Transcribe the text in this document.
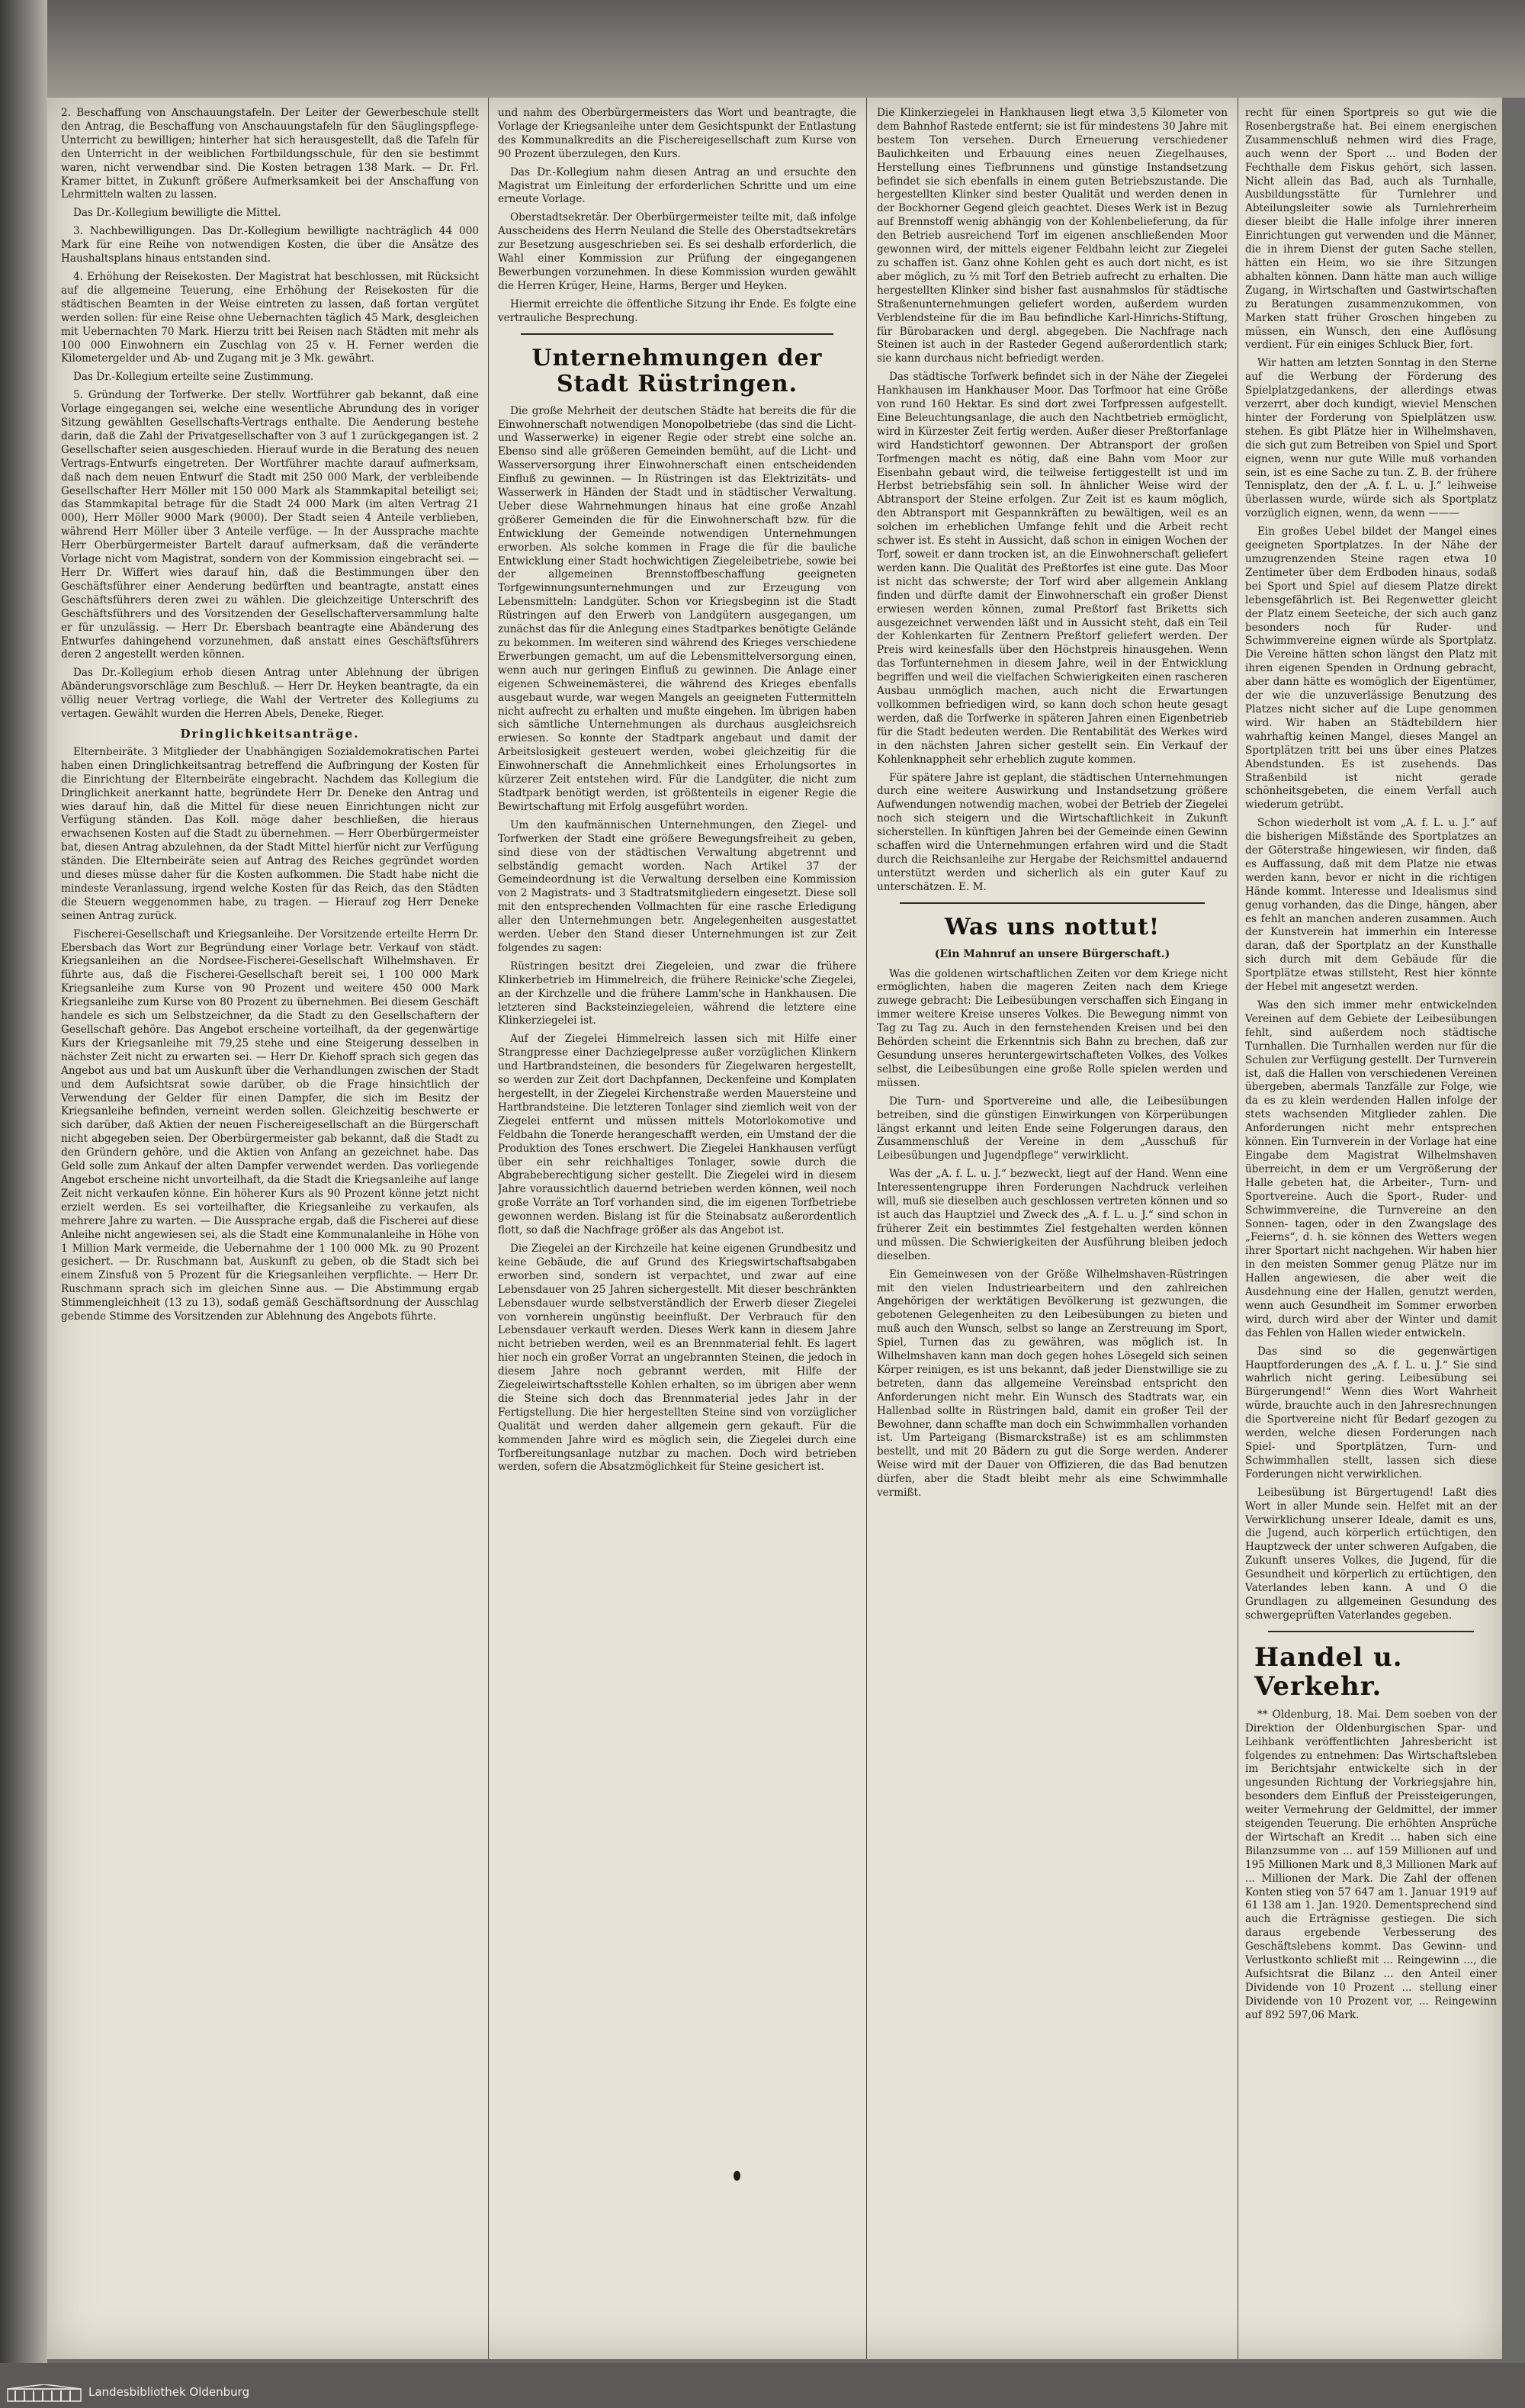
2. Beschaffung von Anschauungstafeln. Der Leiter der Gewerbeschule stellt den Antrag, die Beschaffung von Anschauungstafeln für den Säuglingspflege-Unterricht zu bewilligen; hinterher hat sich herausgestellt, daß die Tafeln für den Unterricht in der weiblichen Fortbildungsschule, für den sie bestimmt waren, nicht verwendbar sind. Die Kosten betragen 138 Mark. — Dr. Frl. Kramer bittet, in Zukunft größere Aufmerksamkeit bei der Anschaffung von Lehrmitteln walten zu lassen.

Das Dr.-Kollegium bewilligte die Mittel.

3. Nachbewilligungen. Das Dr.-Kollegium bewilligte nachträglich 44 000 Mark für eine Reihe von notwendigen Kosten, die über die Ansätze des Haushaltsplans hinaus entstanden sind.

4. Erhöhung der Reisekosten. Der Magistrat hat beschlossen, mit Rücksicht auf die allgemeine Teuerung, eine Erhöhung der Reisekosten für die städtischen Beamten in der Weise eintreten zu lassen, daß fortan vergütet werden sollen: für eine Reise ohne Uebernachten täglich 45 Mark, desgleichen mit Uebernachten 70 Mark. Hierzu tritt bei Reisen nach Städten mit mehr als 100 000 Einwohnern ein Zuschlag von 25 v. H. Ferner werden die Kilometergelder und Ab- und Zugang mit je 3 Mk. gewährt.

Das Dr.-Kollegium erteilte seine Zustimmung.

5. Gründung der Torfwerke. Der stellv. Wortführer gab bekannt, daß eine Vorlage eingegangen sei, welche eine wesentliche Abrundung des in voriger Sitzung gewählten Gesellschafts-Vertrags enthalte. Die Aenderung bestehe darin, daß die Zahl der Privatgesellschafter von 3 auf 1 zurückgegangen ist. 2 Gesellschafter seien ausgeschieden. Hierauf wurde in die Beratung des neuen Vertrags-Entwurfs eingetreten. Der Wortführer machte darauf aufmerksam, daß nach dem neuen Entwurf die Stadt mit 250 000 Mark, der verbleibende Gesellschafter Herr Möller mit 150 000 Mark als Stammkapital beteiligt sei; das Stammkapital betrage für die Stadt 24 000 Mark (im alten Vertrag 21 000), Herr Möller 9000 Mark (9000). Der Stadt seien 4 Anteile verblieben, während Herr Möller über 3 Anteile verfüge. — In der Aussprache machte Herr Oberbürgermeister Bartelt darauf aufmerksam, daß die veränderte Vorlage nicht vom Magistrat, sondern von der Kommission eingebracht sei. — Herr Dr. Wiffert wies darauf hin, daß die Bestimmungen über den Geschäftsführer einer Aenderung bedürften und beantragte, anstatt eines Geschäftsführers deren zwei zu wählen. Die gleichzeitige Unterschrift des Geschäftsführers und des Vorsitzenden der Gesellschafterversammlung halte er für unzulässig. — Herr Dr. Ebersbach beantragte eine Abänderung des Entwurfes dahingehend vorzunehmen, daß anstatt eines Geschäftsführers deren 2 angestellt werden können.

Das Dr.-Kollegium erhob diesen Antrag unter Ablehnung der übrigen Abänderungsvorschläge zum Beschluß. — Herr Dr. Heyken beantragte, da ein völlig neuer Vertrag vorliege, die Wahl der Vertreter des Kollegiums zu vertagen. Gewählt wurden die Herren Abels, Deneke, Rieger.

Dringlichkeitsanträge.

Elternbeiräte. 3 Mitglieder der Unabhängigen Sozialdemokratischen Partei haben einen Dringlichkeitsantrag betreffend die Aufbringung der Kosten für die Einrichtung der Elternbeiräte eingebracht. Nachdem das Kollegium die Dringlichkeit anerkannt hatte, begründete Herr Dr. Deneke den Antrag und wies darauf hin, daß die Mittel für diese neuen Einrichtungen nicht zur Verfügung ständen. Das Koll. möge daher beschließen, die hieraus erwachsenen Kosten auf die Stadt zu übernehmen. — Herr Oberbürgermeister bat, diesen Antrag abzulehnen, da der Stadt Mittel hierfür nicht zur Verfügung ständen. Die Elternbeiräte seien auf Antrag des Reiches gegründet worden und dieses müsse daher für die Kosten aufkommen. Die Stadt habe nicht die mindeste Veranlassung, irgend welche Kosten für das Reich, das den Städten die Steuern weggenommen habe, zu tragen. — Hierauf zog Herr Deneke seinen Antrag zurück.

Fischerei-Gesellschaft und Kriegsanleihe. Der Vorsitzende erteilte Herrn Dr. Ebersbach das Wort zur Begründung einer Vorlage betr. Verkauf von städt. Kriegsanleihen an die Nordsee-Fischerei-Gesellschaft Wilhelmshaven. Er führte aus, daß die Fischerei-Gesellschaft bereit sei, 1 100 000 Mark Kriegsanleihe zum Kurse von 90 Prozent und weitere 450 000 Mark Kriegsanleihe zum Kurse von 80 Prozent zu übernehmen. Bei diesem Geschäft handele es sich um Selbstzeichner, da die Stadt zu den Gesellschaftern der Gesellschaft gehöre. Das Angebot erscheine vorteilhaft, da der gegenwärtige Kurs der Kriegsanleihe mit 79,25 stehe und eine Steigerung desselben in nächster Zeit nicht zu erwarten sei. — Herr Dr. Kiehoff sprach sich gegen das Angebot aus und bat um Auskunft über die Verhandlungen zwischen der Stadt und dem Aufsichtsrat sowie darüber, ob die Frage hinsichtlich der Verwendung der Gelder für einen Dampfer, die sich im Besitz der Kriegsanleihe befinden, verneint werden sollen. Gleichzeitig beschwerte er sich darüber, daß Aktien der neuen Fischereigesellschaft an die Bürgerschaft nicht abgegeben seien. Der Oberbürgermeister gab bekannt, daß die Stadt zu den Gründern gehöre, und die Aktien von Anfang an gezeichnet habe. Das Geld solle zum Ankauf der alten Dampfer verwendet werden. Das vorliegende Angebot erscheine nicht unvorteilhaft, da die Stadt die Kriegsanleihe auf lange Zeit nicht verkaufen könne. Ein höherer Kurs als 90 Prozent könne jetzt nicht erzielt werden. Es sei vorteilhafter, die Kriegsanleihe zu verkaufen, als mehrere Jahre zu warten. — Die Aussprache ergab, daß die Fischerei auf diese Anleihe nicht angewiesen sei, als die Stadt eine Kommunalanleihe in Höhe von 1 Million Mark vermeide, die Uebernahme der 1 100 000 Mk. zu 90 Prozent gesichert. — Dr. Ruschmann bat, Auskunft zu geben, ob die Stadt sich bei einem Zinsfuß von 5 Prozent für die Kriegsanleihen verpflichte. — Herr Dr. Ruschmann sprach sich im gleichen Sinne aus. — Die Abstimmung ergab Stimmengleichheit (13 zu 13), sodaß gemäß Geschäftsordnung der Ausschlag gebende Stimme des Vorsitzenden zur Ablehnung des Angebots führte.

und nahm des Oberbürgermeisters das Wort und beantragte, die Vorlage der Kriegsanleihe unter dem Gesichtspunkt der Entlastung des Kommunalkredits an die Fischereigesellschaft zum Kurse von 90 Prozent überzulegen, den Kurs.

Das Dr.-Kollegium nahm diesen Antrag an und ersuchte den Magistrat um Einleitung der erforderlichen Schritte und um eine erneute Vorlage.

Oberstadtsekretär. Der Oberbürgermeister teilte mit, daß infolge Ausscheidens des Herrn Neuland die Stelle des Oberstadtsekretärs zur Besetzung ausgeschrieben sei. Es sei deshalb erforderlich, die Wahl einer Kommission zur Prüfung der eingegangenen Bewerbungen vorzunehmen. In diese Kommission wurden gewählt die Herren Krüger, Heine, Harms, Berger und Heyken.

Hiermit erreichte die öffentliche Sitzung ihr Ende. Es folgte eine vertrauliche Besprechung.

Unternehmungen der Stadt Rüstringen.

Die große Mehrheit der deutschen Städte hat bereits die für die Einwohnerschaft notwendigen Monopolbetriebe (das sind die Licht- und Wasserwerke) in eigener Regie oder strebt eine solche an. Ebenso sind alle größeren Gemeinden bemüht, auf die Licht- und Wasserversorgung ihrer Einwohnerschaft einen entscheidenden Einfluß zu gewinnen. — In Rüstringen ist das Elektrizitäts- und Wasserwerk in Händen der Stadt und in städtischer Verwaltung. Ueber diese Wahrnehmungen hinaus hat eine große Anzahl größerer Gemeinden die für die Einwohnerschaft bzw. für die Entwicklung der Gemeinde notwendigen Unternehmungen erworben. Als solche kommen in Frage die für die bauliche Entwicklung einer Stadt hochwichtigen Ziegeleibetriebe, sowie bei der allgemeinen Brennstoffbeschaffung geeigneten Torfgewinnungsunternehmungen und zur Erzeugung von Lebensmitteln: Landgüter. Schon vor Kriegsbeginn ist die Stadt Rüstringen auf den Erwerb von Landgütern ausgegangen, um zunächst das für die Anlegung eines Stadtparkes benötigte Gelände zu bekommen. Im weiteren sind während des Krieges verschiedene Erwerbungen gemacht, um auf die Lebensmittelversorgung einen, wenn auch nur geringen Einfluß zu gewinnen. Die Anlage einer eigenen Schweinemästerei, die während des Krieges ebenfalls ausgebaut wurde, war wegen Mangels an geeigneten Futtermitteln nicht aufrecht zu erhalten und mußte eingehen. Im übrigen haben sich sämtliche Unternehmungen als durchaus ausgleichsreich erwiesen. So konnte der Stadtpark angebaut und damit der Arbeitslosigkeit gesteuert werden, wobei gleichzeitig für die Einwohnerschaft die Annehmlichkeit eines Erholungsortes in kürzerer Zeit entstehen wird. Für die Landgüter, die nicht zum Stadtpark benötigt werden, ist größtenteils in eigener Regie die Bewirtschaftung mit Erfolg ausgeführt worden.

Um den kaufmännischen Unternehmungen, den Ziegel- und Torfwerken der Stadt eine größere Bewegungsfreiheit zu geben, sind diese von der städtischen Verwaltung abgetrennt und selbständig gemacht worden. Nach Artikel 37 der Gemeindeordnung ist die Verwaltung derselben eine Kommission von 2 Magistrats- und 3 Stadtratsmitgliedern eingesetzt. Diese soll mit den entsprechenden Vollmachten für eine rasche Erledigung aller den Unternehmungen betr. Angelegenheiten ausgestattet werden. Ueber den Stand dieser Unternehmungen ist zur Zeit folgendes zu sagen:

Rüstringen besitzt drei Ziegeleien, und zwar die frühere Klinkerbetrieb im Himmelreich, die frühere Reinicke'sche Ziegelei, an der Kirchzelle und die frühere Lamm'sche in Hankhausen. Die letzteren sind Backsteinziegeleien, während die letztere eine Klinkerziegelei ist.

Auf der Ziegelei Himmelreich lassen sich mit Hilfe einer Strangpresse einer Dachziegelpresse außer vorzüglichen Klinkern und Hartbrandsteinen, die besonders für Ziegelwaren hergestellt, so werden zur Zeit dort Dachpfannen, Deckenfeine und Komplaten hergestellt, in der Ziegelei Kirchenstraße werden Mauersteine und Hartbrandsteine. Die letzteren Tonlager sind ziemlich weit von der Ziegelei entfernt und müssen mittels Motorlokomotive und Feldbahn die Tonerde herangeschafft werden, ein Umstand der die Produktion des Tones erschwert. Die Ziegelei Hankhausen verfügt über ein sehr reichhaltiges Tonlager, sowie durch die Abgrabeberechtigung sicher gestellt. Die Ziegelei wird in diesem Jahre voraussichtlich dauernd betrieben werden können, weil noch große Vorräte an Torf vorhanden sind, die im eigenen Torfbetriebe gewonnen werden. Bislang ist für die Steinabsatz außerordentlich flott, so daß die Nachfrage größer als das Angebot ist.

Die Ziegelei an der Kirchzeile hat keine eigenen Grundbesitz und keine Gebäude, die auf Grund des Kriegswirtschaftsabgaben erworben sind, sondern ist verpachtet, und zwar auf eine Lebensdauer von 25 Jahren sichergestellt. Mit dieser beschränkten Lebensdauer wurde selbstverständlich der Erwerb dieser Ziegelei von vornherein ungünstig beeinflußt. Der Verbrauch für den Lebensdauer verkauft werden. Dieses Werk kann in diesem Jahre nicht betrieben werden, weil es an Brennmaterial fehlt. Es lagert hier noch ein großer Vorrat an ungebrannten Steinen, die jedoch in diesem Jahre noch gebrannt werden, mit Hilfe der Ziegeleiwirtschaftsstelle Kohlen erhalten, so im übrigen aber wenn die Steine sich doch das Brennmaterial jedes Jahr in der Fertigstellung. Die hier hergestellten Steine sind von vorzüglicher Qualität und werden daher allgemein gern gekauft. Für die kommenden Jahre wird es möglich sein, die Ziegelei durch eine Torfbereitungsanlage nutzbar zu machen. Doch wird betrieben werden, sofern die Absatzmöglichkeit für Steine gesichert ist.

Die Klinkerziegelei in Hankhausen liegt etwa 3,5 Kilometer von dem Bahnhof Rastede entfernt; sie ist für mindestens 30 Jahre mit bestem Ton versehen. Durch Erneuerung verschiedener Baulichkeiten und Erbauung eines neuen Ziegelhauses, Herstellung eines Tiefbrunnens und günstige Instandsetzung befindet sie sich ebenfalls in einem guten Betriebszustande. Die hergestellten Klinker sind bester Qualität und werden denen in der Bockhorner Gegend gleich geachtet. Dieses Werk ist in Bezug auf Brennstoff wenig abhängig von der Kohlenbelieferung, da für den Betrieb ausreichend Torf im eigenen anschließenden Moor gewonnen wird, der mittels eigener Feldbahn leicht zur Ziegelei zu schaffen ist. Ganz ohne Kohlen geht es auch dort nicht, es ist aber möglich, zu ⅔ mit Torf den Betrieb aufrecht zu erhalten. Die hergestellten Klinker sind bisher fast ausnahmslos für städtische Straßenunternehmungen geliefert worden, außerdem wurden Verblendsteine für die im Bau befindliche Karl-Hinrichs-Stiftung, für Bürobaracken und dergl. abgegeben. Die Nachfrage nach Steinen ist auch in der Rasteder Gegend außerordentlich stark; sie kann durchaus nicht befriedigt werden.

Das städtische Torfwerk befindet sich in der Nähe der Ziegelei Hankhausen im Hankhauser Moor. Das Torfmoor hat eine Größe von rund 160 Hektar. Es sind dort zwei Torfpressen aufgestellt. Eine Beleuchtungsanlage, die auch den Nachtbetrieb ermöglicht, wird in Kürzester Zeit fertig werden. Außer dieser Preßtorfanlage wird Handstichtorf gewonnen. Der Abtransport der großen Torfmengen macht es nötig, daß eine Bahn vom Moor zur Eisenbahn gebaut wird, die teilweise fertiggestellt ist und im Herbst betriebsfähig sein soll. In ähnlicher Weise wird der Abtransport der Steine erfolgen. Zur Zeit ist es kaum möglich, den Abtransport mit Gespannkräften zu bewältigen, weil es an solchen im erheblichen Umfange fehlt und die Arbeit recht schwer ist. Es steht in Aussicht, daß schon in einigen Wochen der Torf, soweit er dann trocken ist, an die Einwohnerschaft geliefert werden kann. Die Qualität des Preßtorfes ist eine gute. Das Moor ist nicht das schwerste; der Torf wird aber allgemein Anklang finden und dürfte damit der Einwohnerschaft ein großer Dienst erwiesen werden können, zumal Preßtorf fast Briketts sich ausgezeichnet verwenden läßt und in Aussicht steht, daß ein Teil der Kohlenkarten für Zentnern Preßtorf geliefert werden. Der Preis wird keinesfalls über den Höchstpreis hinausgehen. Wenn das Torfunternehmen in diesem Jahre, weil in der Entwicklung begriffen und weil die vielfachen Schwierigkeiten einen rascheren Ausbau unmöglich machen, auch nicht die Erwartungen vollkommen befriedigen wird, so kann doch schon heute gesagt werden, daß die Torfwerke in späteren Jahren einen Eigenbetrieb für die Stadt bedeuten werden. Die Rentabilität des Werkes wird in den nächsten Jahren sicher gestellt sein. Ein Verkauf der Kohlenknappheit sehr erheblich zugute kommen.

Für spätere Jahre ist geplant, die städtischen Unternehmungen durch eine weitere Auswirkung und Instandsetzung größere Aufwendungen notwendig machen, wobei der Betrieb der Ziegelei noch sich steigern und die Wirtschaftlichkeit in Zukunft sicherstellen. In künftigen Jahren bei der Gemeinde einen Gewinn schaffen wird die Unternehmungen erfahren wird und die Stadt durch die Reichsanleihe zur Hergabe der Reichsmittel andauernd unterstützt werden und sicherlich als ein guter Kauf zu unterschätzen. E. M.

Was uns nottut!

(Ein Mahnruf an unsere Bürgerschaft.)

Was die goldenen wirtschaftlichen Zeiten vor dem Kriege nicht ermöglichten, haben die mageren Zeiten nach dem Kriege zuwege gebracht: Die Leibesübungen verschaffen sich Eingang in immer weitere Kreise unseres Volkes. Die Bewegung nimmt von Tag zu Tag zu. Auch in den fernstehenden Kreisen und bei den Behörden scheint die Erkenntnis sich Bahn zu brechen, daß zur Gesundung unseres heruntergewirtschafteten Volkes, des Volkes selbst, die Leibesübungen eine große Rolle spielen werden und müssen.

Die Turn- und Sportvereine und alle, die Leibesübungen betreiben, sind die günstigen Einwirkungen von Körperübungen längst erkannt und leiten Ende seine Folgerungen daraus, den Zusammenschluß der Vereine in dem „Ausschuß für Leibesübungen und Jugendpflege“ verwirklicht.

Was der „A. f. L. u. J.“ bezweckt, liegt auf der Hand. Wenn eine Interessentengruppe ihren Forderungen Nachdruck verleihen will, muß sie dieselben auch geschlossen vertreten können und so ist auch das Hauptziel und Zweck des „A. f. L. u. J.“ sind schon in früherer Zeit ein bestimmtes Ziel festgehalten werden können und müssen. Die Schwierigkeiten der Ausführung bleiben jedoch dieselben.

Ein Gemeinwesen von der Größe Wilhelmshaven-Rüstringen mit den vielen Industriearbeitern und den zahlreichen Angehörigen der werktätigen Bevölkerung ist gezwungen, die gebotenen Gelegenheiten zu den Leibesübungen zu bieten und muß auch den Wunsch, selbst so lange an Zerstreuung im Sport, Spiel, Turnen das zu gewähren, was möglich ist. In Wilhelmshaven kann man doch gegen hohes Lösegeld sich seinen Körper reinigen, es ist uns bekannt, daß jeder Dienstwillige sie zu betreten, dann das allgemeine Vereinsbad entspricht den Anforderungen nicht mehr. Ein Wunsch des Stadtrats war, ein Hallenbad sollte in Rüstringen bald, damit ein großer Teil der Bewohner, dann schaffte man doch ein Schwimmhallen vorhanden ist. Um Parteigang (Bismarckstraße) ist es am schlimmsten bestellt, und mit 20 Bädern zu gut die Sorge werden. Anderer Weise wird mit der Dauer von Offizieren, die das Bad benutzen dürfen, aber die Stadt bleibt mehr als eine Schwimmhalle vermißt.

recht für einen Sportpreis so gut wie die Rosenbergstraße hat. Bei einem energischen Zusammenschluß nehmen wird dies Frage, auch wenn der Sport ... und Boden der Fechthalle dem Fiskus gehört, sich lassen. Nicht allein das Bad, auch als Turnhalle, Ausbildungsstätte für Turnlehrer und Abteilungsleiter sowie als Turnlehrerheim dieser bleibt die Halle infolge ihrer inneren Einrichtungen gut verwenden und die Männer, die in ihrem Dienst der guten Sache stellen, hätten ein Heim, wo sie ihre Sitzungen abhalten können. Dann hätte man auch willige Zugang, in Wirtschaften und Gastwirtschaften zu Beratungen zusammenzukommen, von Marken statt früher Groschen hingeben zu müssen, ein Wunsch, den eine Auflösung verdient. Für ein einiges Schluck Bier, fort.

Wir hatten am letzten Sonntag in den Sterne auf die Werbung der Förderung des Spielplatzgedankens, der allerdings etwas verzerrt, aber doch kundigt, wieviel Menschen hinter der Forderung von Spielplätzen usw. stehen. Es gibt Plätze hier in Wilhelmshaven, die sich gut zum Betreiben von Spiel und Sport eignen, wenn nur gute Wille muß vorhanden sein, ist es eine Sache zu tun. Z. B. der frühere Tennisplatz, den der „A. f. L. u. J.“ leihweise überlassen wurde, würde sich als Sportplatz vorzüglich eignen, wenn, da wenn ———

Ein großes Uebel bildet der Mangel eines geeigneten Sportplatzes. In der Nähe der umzugrenzenden Steine ragen etwa 10 Zentimeter über dem Erdboden hinaus, sodaß bei Sport und Spiel auf diesem Platze direkt lebensgefährlich ist. Bei Regenwetter gleicht der Platz einem Seeteiche, der sich auch ganz besonders noch für Ruder- und Schwimmvereine eignen würde als Sportplatz. Die Vereine hätten schon längst den Platz mit ihren eigenen Spenden in Ordnung gebracht, aber dann hätte es womöglich der Eigentümer, der wie die unzuverlässige Benutzung des Platzes nicht sicher auf die Lupe genommen wird. Wir haben an Städtebildern hier wahrhaftig keinen Mangel, dieses Mangel an Sportplätzen tritt bei uns über eines Platzes Abendstunden. Es ist zusehends. Das Straßenbild ist nicht gerade schönheitsgebeten, die einem Verfall auch wiederum getrübt.

Schon wiederholt ist vom „A. f. L. u. J.“ auf die bisherigen Mißstände des Sportplatzes an der Göterstraße hingewiesen, wir finden, daß es Auffassung, daß mit dem Platze nie etwas werden kann, bevor er nicht in die richtigen Hände kommt. Interesse und Idealismus sind genug vorhanden, das die Dinge, hängen, aber es fehlt an manchen anderen zusammen. Auch der Kunstverein hat immerhin ein Interesse daran, daß der Sportplatz an der Kunsthalle sich durch mit dem Gebäude für die Sportplätze etwas stillsteht, Rest hier könnte der Hebel mit angesetzt werden.

Was den sich immer mehr entwickelnden Vereinen auf dem Gebiete der Leibesübungen fehlt, sind außerdem noch städtische Turnhallen. Die Turnhallen werden nur für die Schulen zur Verfügung gestellt. Der Turnverein ist, daß die Hallen von verschiedenen Vereinen übergeben, abermals Tanzfälle zur Folge, wie da es zu klein werdenden Hallen infolge der stets wachsenden Mitglieder zahlen. Die Anforderungen nicht mehr entsprechen können. Ein Turnverein in der Vorlage hat eine Eingabe dem Magistrat Wilhelmshaven überreicht, in dem er um Vergrößerung der Halle gebeten hat, die Arbeiter-, Turn- und Sportvereine. Auch die Sport-, Ruder- und Schwimmvereine, die Turnvereine an den Sonnen- tagen, oder in den Zwangslage des „Feierns“, d. h. sie können des Wetters wegen ihrer Sportart nicht nachgehen. Wir haben hier in den meisten Sommer genug Plätze nur im Hallen angewiesen, die aber weit die Ausdehnung eine der Hallen, genutzt werden, wenn auch Gesundheit im Sommer erworben wird, durch wird aber der Winter und damit das Fehlen von Hallen wieder entwickeln.

Das sind so die gegenwärtigen Hauptforderungen des „A. f. L. u. J.“ Sie sind wahrlich nicht gering. Leibesübung sei Bürgerungend!“ Wenn dies Wort Wahrheit würde, brauchte auch in den Jahresrechnungen die Sportvereine nicht für Bedarf gezogen zu werden, welche diesen Forderungen nach Spiel- und Sportplätzen, Turn- und Schwimmhallen stellt, lassen sich diese Forderungen nicht verwirklichen.

Leibesübung ist Bürgertugend! Laßt dies Wort in aller Munde sein. Helfet mit an der Verwirklichung unserer Ideale, damit es uns, die Jugend, auch körperlich ertüchtigen, den Hauptzweck der unter schweren Aufgaben, die Zukunft unseres Volkes, die Jugend, für die Gesundheit und körperlich zu ertüchtigen, den Vaterlandes leben kann. A und O die Grundlagen zu allgemeinen Gesundung des schwergeprüften Vaterlandes gegeben.

Handel u. Verkehr.

** Oldenburg, 18. Mai. Dem soeben von der Direktion der Oldenburgischen Spar- und Leihbank veröffentlichten Jahresbericht ist folgendes zu entnehmen: Das Wirtschaftsleben im Berichtsjahr entwickelte sich in der ungesunden Richtung der Vorkriegsjahre hin, besonders dem Einfluß der Preissteigerungen, weiter Vermehrung der Geldmittel, der immer steigenden Teuerung. Die erhöhten Ansprüche der Wirtschaft an Kredit ... haben sich eine Bilanzsumme von ... auf 159 Millionen auf und 195 Millionen Mark und 8,3 Millionen Mark auf ... Millionen der Mark. Die Zahl der offenen Konten stieg von 57 647 am 1. Januar 1919 auf 61 138 am 1. Jan. 1920. Dementsprechend sind auch die Erträgnisse gestiegen. Die sich daraus ergebende Verbesserung des Geschäftslebens kommt. Das Gewinn- und Verlustkonto schließt mit ... Reingewinn ..., die Aufsichtsrat die Bilanz ... den Anteil einer Dividende von 10 Prozent ... stellung einer Dividende von 10 Prozent vor, ... Reingewinn auf 892 597,06 Mark.

Landesbibliothek Oldenburg
